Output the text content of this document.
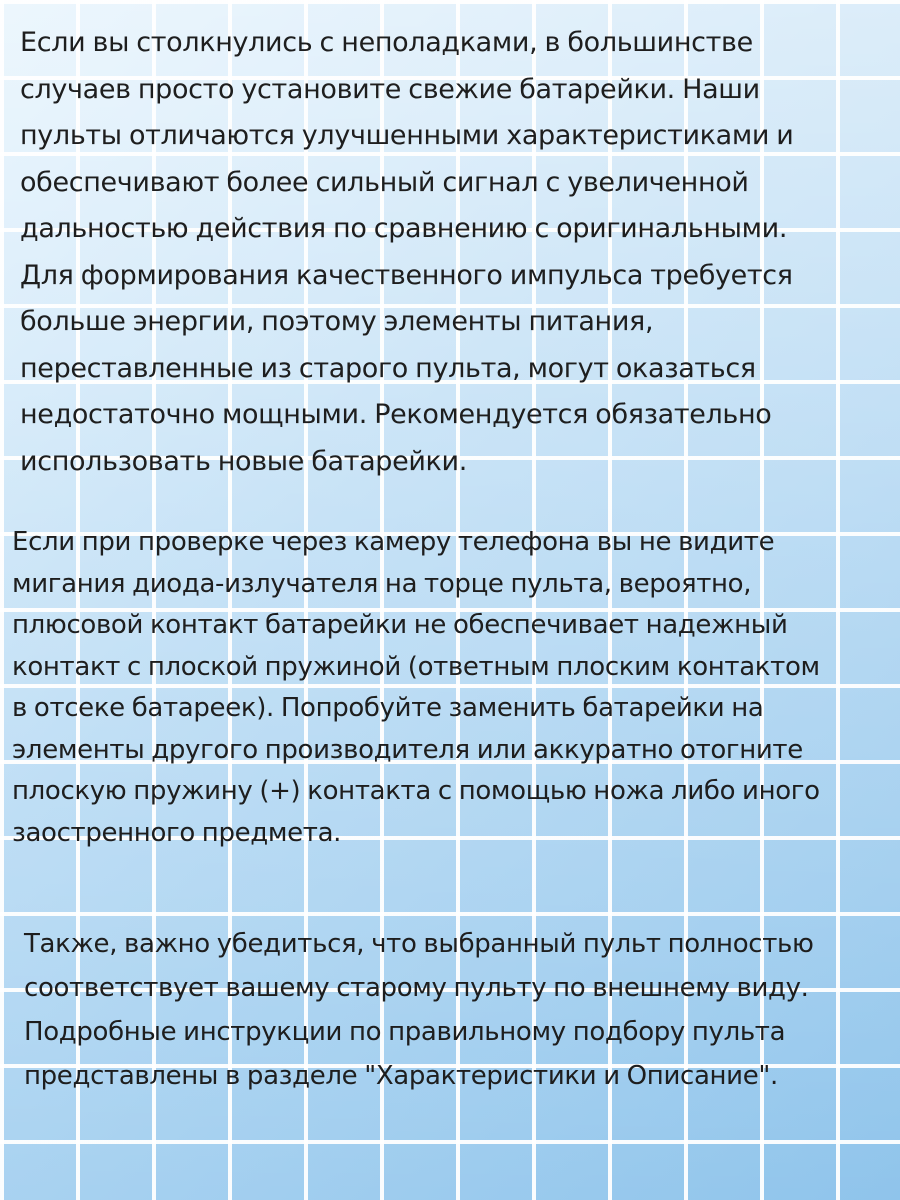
Если вы столкнулись с неполадками, в большинстве
случаев просто установите свежие батарейки. Наши
пульты отличаются улучшенными характеристиками и
обеспечивают более сильный сигнал с увеличенной
дальностью действия по сравнению с оригинальными.
Для формирования качественного импульса требуется
больше энергии, поэтому элементы питания,
переставленные из старого пульта, могут оказаться
недостаточно мощными. Рекомендуется обязательно
использовать новые батарейки.

Если при проверке через камеру телефона вы не видите
мигания диода-излучателя на торце пульта, вероятно,
плюсовой контакт батарейки не обеспечивает надежный
контакт с плоской пружиной (ответным плоским контактом
в отсеке батареек). Попробуйте заменить батарейки на
элементы другого производителя или аккуратно отогните
плоскую пружину (+) контакта с помощью ножа либо иного
заостренного предмета.

Также, важно убедиться, что выбранный пульт полностью
соответствует вашему старому пульту по внешнему виду.
Подробные инструкции по правильному подбору пульта
представлены в разделе "Характеристики и Описание".
